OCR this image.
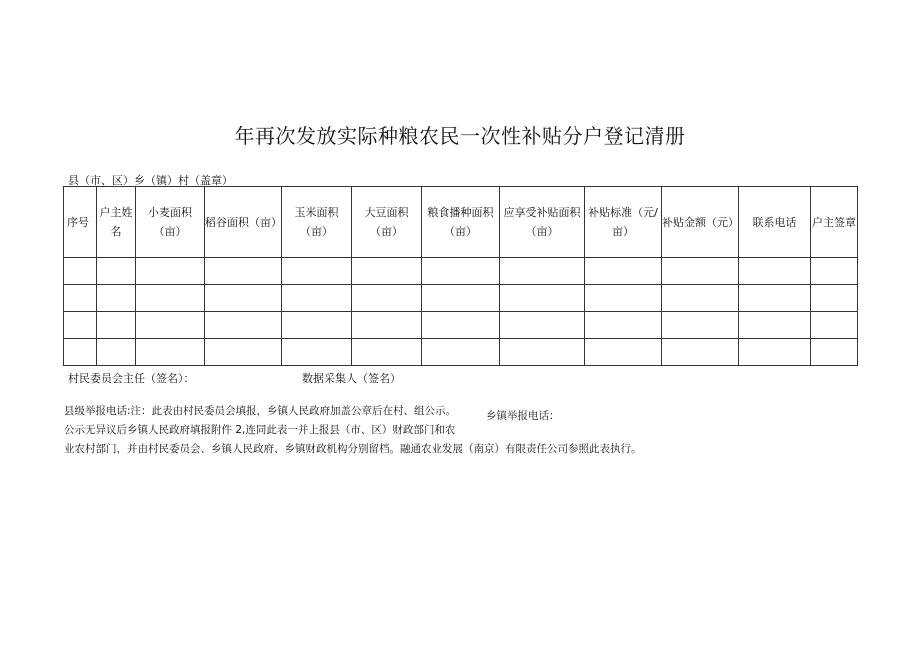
年再次发放实际种粮农民一次性补贴分户登记清册
县（市、区）乡（镇）村（盖章）
序号	户主姓名	小麦面积（亩）	稻谷面积（亩）	玉米面积（亩）	大豆面积（亩）	粮食播种面积（亩）	应享受补贴面积（亩）	补贴标准（元/亩）	补贴金额（元）	联系电话	户主签章

村民委员会主任（签名）：	数据采集人（签名）
县级举报电话:注：此表由村民委员会填报，乡镇人民政府加盖公章后在村、组公示。
公示无异议后乡镇人民政府填报附件 2,连同此表一并上报县（市、区）财政部门和农
业农村部门，并由村民委员会、乡镇人民政府、乡镇财政机构分别留档。融通农业发展（南京）有限责任公司参照此表执行。
乡镇举报电话：
